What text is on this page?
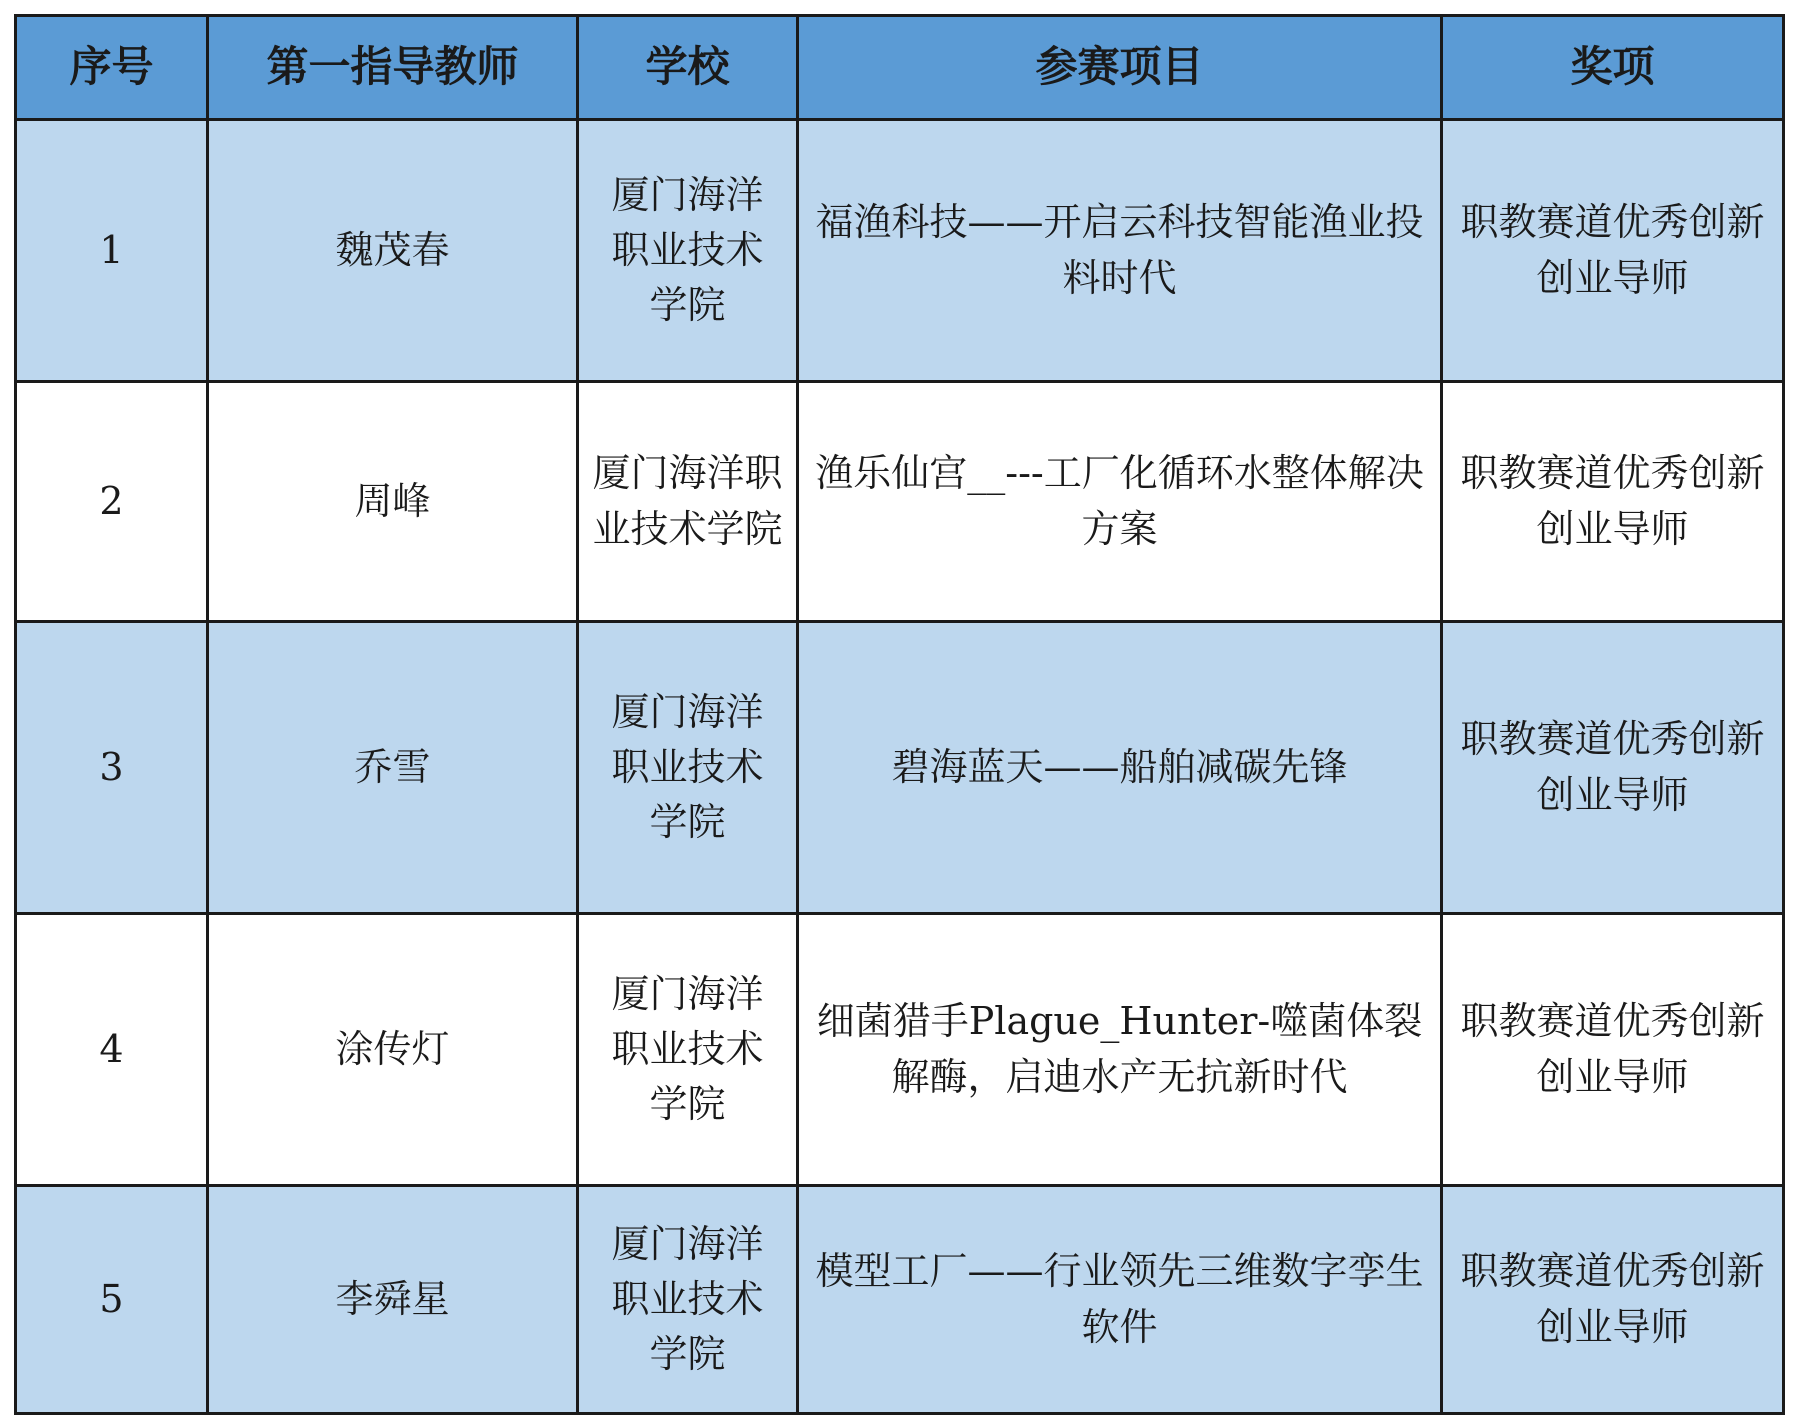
序号	第一指导教师	学校	参赛项目	奖项
1	魏茂春	厦门海洋职业技术学院	福渔科技——开启云科技智能渔业投料时代	职教赛道优秀创新创业导师
2	周峰	厦门海洋职业技术学院	渔乐仙宫__---工厂化循环水整体解决方案	职教赛道优秀创新创业导师
3	乔雪	厦门海洋职业技术学院	碧海蓝天——船舶减碳先锋	职教赛道优秀创新创业导师
4	涂传灯	厦门海洋职业技术学院	细菌猎手Plague_Hunter-噬菌体裂解酶，启迪水产无抗新时代	职教赛道优秀创新创业导师
5	李舜星	厦门海洋职业技术学院	模型工厂——行业领先三维数字孪生软件	职教赛道优秀创新创业导师
